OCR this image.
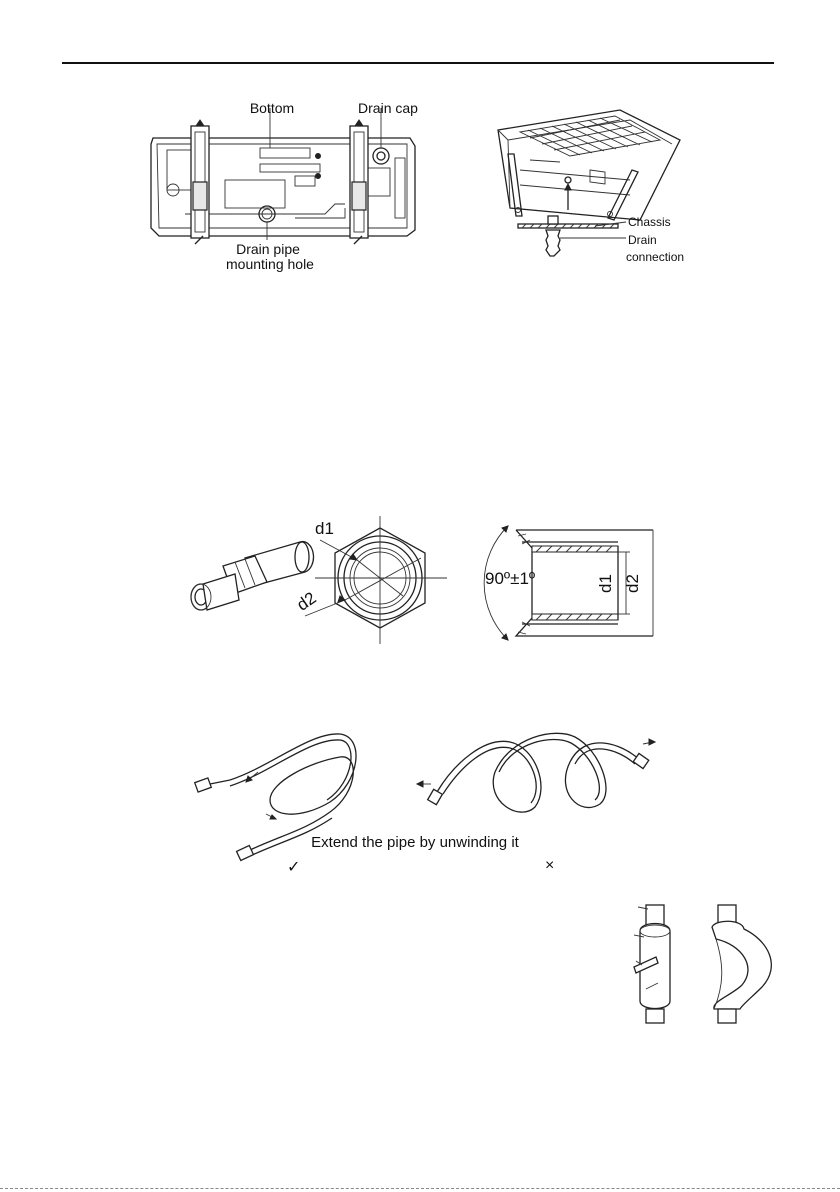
Bottom	Drain cap
Drain pipe
mounting hole
Chassis
Drain
connection
d1
d2
90º±1º	d1 d2
Extend the pipe by unwinding it
✓	×
